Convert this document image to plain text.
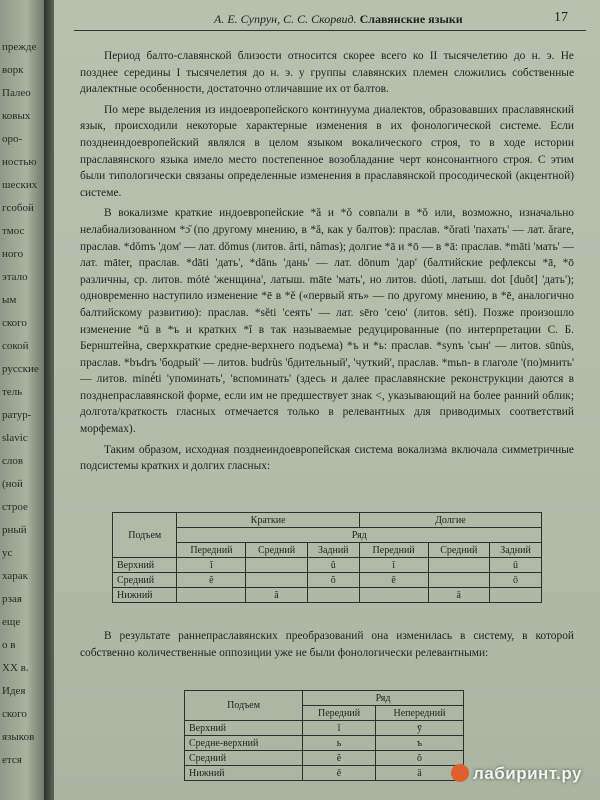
прежде
ворк
Палео
ковых
оро-
ностью
шеских
гсобой
тмос
ного
этало
ым
ского
сокой
русские
тель
ратур-
slavic
слов
(ной
строе
рный
ус
харак
рзая
еще
о в
XX в.
Идея
ского
языков
ется
А. Е. Супрун, С. С. Скорвид. Славянские языки	17

Период балто-славянской близости относится скорее всего ко II тысячелетию до н. э. Не позднее середины I тысячелетия до н. э. у группы славянских племен сложились собственные диалектные особенности, достаточно отличавшие их от балтов.

По мере выделения из индоевропейского континуума диалектов, образовавших праславянский язык, происходили некоторые характерные изменения в их фонологической системе. Если позднеиндоевропейский являлся в целом языком вокалического строя, то в ходе истории праславянского языка имело место постепенное возобладание черт консонантного строя. С этим были типологически связаны определенные изменения в праславянской просодической (акцентной) системе.

В вокализме краткие индоевропейские *ă и *ŏ совпали в *ŏ или, возможно, изначально нелабиализованном *ɔ̆ (по другому мнению, в *ă, как у балтов): праслав. *ŏrati 'пахать' — лат. ărare, праслав. *dŏmъ 'дом' — лат. dŏmus (литов. ârti, nâmas); долгие *ā и *ō — в *ā: праслав. *māti 'мать' — лат. māter, праслав. *dāti 'дать', *dānь 'дань' — лат. dōnum 'дар' (балтийские рефлексы *ā, *ō различны, ср. литов. mótė 'женщина', латыш. māte 'мать', но литов. dúoti, латыш. dot [duôt] 'дать'); одновременно наступило изменение *ē в *ě («первый ять» — по другому мнению, в *ē, аналогично балтийскому развитию): праслав. *sěti 'сеять' — лат. sēro 'сею' (литов. sėti). Позже произошло изменение *ŭ в *ъ и кратких *ĭ в так называемые редуцированные (по интерпретации С. Б. Бернштейна, сверхкраткие средне-верхнего подъема) *ъ и *ь: праслав. *synъ 'сын' — литов. sūnùs, праслав. *bъdrъ 'бодрый' — литов. budrùs 'бдительный', 'чуткий', праслав. *mьn- в глаголе '(по)мнить' — литов. minė́ti 'упоминать', 'вспоминать' (здесь и далее праславянские реконструкции даются в позднепраславянской форме, если им не предшествует знак <, указывающий на более ранний облик; долгота/краткость гласных отмечается только в релевантных для приводимых соответствий морфемах).

Таким образом, исходная позднеиндоевропейская система вокализма включала симметричные подсистемы кратких и долгих гласных:

Подъем	Краткие			Долгие		
	Ряд					
	Передний	Средний	Задний	Передний	Средний	Задний
Верхний	ĭ		ŭ	ī		ū
Средний	ĕ		ŏ	ē		ō
Нижний		ă			ā	

В результате раннепраславянских преобразований она изменилась в систему, в которой собственно количественные оппозиции уже не были фонологически релевантными:

Подъем	Ряд	
	Передний	Непередний
Верхний	ī	ȳ
Средне-верхний	ь	ъ
Средний	ĕ	ŏ
Нижний	ě	ā	лабиринт.ру
